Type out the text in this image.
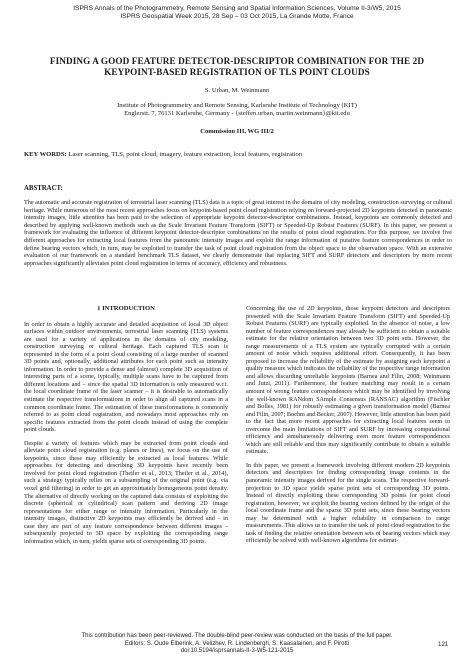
ISPRS Annals of the Photogrammetry, Remote Sensing and Spatial Information Sciences, Volume II-3/W5, 2015
ISPRS Geospatial Week 2015, 28 Sep – 03 Oct 2015, La Grande Motte, France
FINDING A GOOD FEATURE DETECTOR-DESCRIPTOR COMBINATION FOR THE 2D
KEYPOINT-BASED REGISTRATION OF TLS POINT CLOUDS
S. Urban, M. Weinmann
Institute of Photogrammetry and Remote Sensing, Karlsruhe Institute of Technology (KIT)
Englerstr. 7, 76131 Karlsruhe, Germany - {steffen.urban, martin.weinmann}@kit.edu
Commission III, WG III/2
KEY WORDS: Laser scanning, TLS, point cloud, imagery, feature extraction, local features, registration
ABSTRACT:
The automatic and accurate registration of terrestrial laser scanning (TLS) data is a topic of great interest in the domains of city modeling, construction surveying or cultural heritage. While numerous of the most recent approaches focus on keypoint-based point cloud registration relying on forward-projected 2D keypoints detected in panoramic intensity images, little attention has been paid to the selection of appropriate keypoint detector-descriptor combinations. Instead, keypoints are commonly detected and described by applying well-known methods such as the Scale Invariant Feature Transform (SIFT) or Speeded-Up Robust Features (SURF). In this paper, we present a framework for evaluating the influence of different keypoint detector-descriptor combinations on the results of point cloud registration. For this purpose, we involve five different approaches for extracting local features from the panoramic intensity images and exploit the range information of putative feature correspondences in order to define bearing vectors which, in turn, may be exploited to transfer the task of point cloud registration from the object space to the observation space. With an extensive evaluation of our framework on a standard benchmark TLS dataset, we clearly demonstrate that replacing SIFT and SURF detectors and descriptors by more recent approaches significantly alleviates point cloud registration in terms of accuracy, efficiency and robustness.
1 INTRODUCTION

In order to obtain a highly accurate and detailed acquisition of local 3D object surfaces within outdoor environments, terrestrial laser scanning (TLS) systems are used for a variety of applications in the domains of city modeling, construction surveying or cultural heritage. Each captured TLS scan is represented in the form of a point cloud consisting of a large number of scanned 3D points and, optionally, additional attributes for each point such as intensity information. In order to provide a dense and (almost) complete 3D acquisition of interesting parts of a scene, typically, multiple scans have to be captured from different locations and – since the spatial 3D information is only measured w.r.t. the local coordinate frame of the laser scanner – it is desirable to automatically estimate the respective transformations in order to align all captured scans in a common coordinate frame. The estimation of these transformations is commonly referred to as point cloud registration, and nowadays most approaches rely on specific features extracted from the point clouds instead of using the complete point clouds.

Despite a variety of features which may be extracted from point clouds and alleviate point cloud registration (e.g. planes or lines), we focus on the use of keypoints, since these may efficiently be extracted as local features. While approaches for detecting and describing 3D keypoints have recently been involved for point cloud registration (Theiler et al., 2013; Theiler et al., 2014), such a strategy typically relies on a subsampling of the original point (e.g. via voxel grid filtering) in order to get an approximately homogeneous point density. The alternative of directly working on the captured data consists of exploiting the discrete (spherical or cylindrical) scan pattern and deriving 2D image representations for either range or intensity information. Particularly in the intensity images, distinctive 2D keypoints may efficiently be derived and – in case they are part of any feature correspondence between different images – subsequently projected to 3D space by exploiting the corresponding range information which, in turn, yields sparse sets of corresponding 3D points.

Concerning the use of 2D keypoints, those keypoint detectors and descriptors presented with the Scale Invariant Feature Transform (SIFT) and Speeded-Up Robust Features (SURF) are typically exploited. In the absence of noise, a low number of feature correspondences may already be sufficient to obtain a suitable estimate for the relative orientation between two 3D point sets. However, the range measurements of a TLS system are typically corrupted with a certain amount of noise which requires additional effort. Consequently, it has been proposed to increase the reliability of the estimate by assigning each keypoint a quality measure which indicates the reliability of the respective range information and allows discarding unreliable keypoints (Barnea and Filin, 2008; Weinmann and Jutzi, 2011). Furthermore, the feature matching may result in a certain amount of wrong feature correspondences which may be identified by involving the well-known RANdom SAmple Consensus (RANSAC) algorithm (Fischler and Bolles, 1981) for robustly estimating a given transformation model (Barnea and Filin, 2007; Boehm and Becker, 2007). However, little attention has been paid to the fact that more recent approaches for extracting local features seem to overcome the main limitations of SIFT and SURF by increasing computational efficiency and simultaneously delivering even more feature correspondences which are still reliable and thus may significantly contribute to obtain a suitable estimate.

In this paper, we present a framework involving different modern 2D keypoints detectors and descriptors for finding corresponding image contents in the panoramic intensity images derived for the single scans. The respective forward-projection to 3D space yields sparse point sets of corresponding 3D points. Instead of directly exploiting these corresponding 3D points for point cloud registration, however, we exploit the bearing vectors defined by the origin of the local coordinate frame and the sparse 3D point sets, since these bearing vectors may be determined with a higher reliability in comparison to range measurements. This allows us to transfer the task of point cloud registration to the task of finding the relative orientation between sets of bearing vectors which may efficiently be solved with well-known algorithms for estimat-

This contribution has been peer-reviewed. The double-blind peer-review was conducted on the basis of the full paper.
Editors: S. Oude Elberink, A. Velizhev, R. Lindenbergh, S. Kaasalainen, and F. Pirotti
doi:10.5194/isprsannals-II-3-W5-121-2015
121
